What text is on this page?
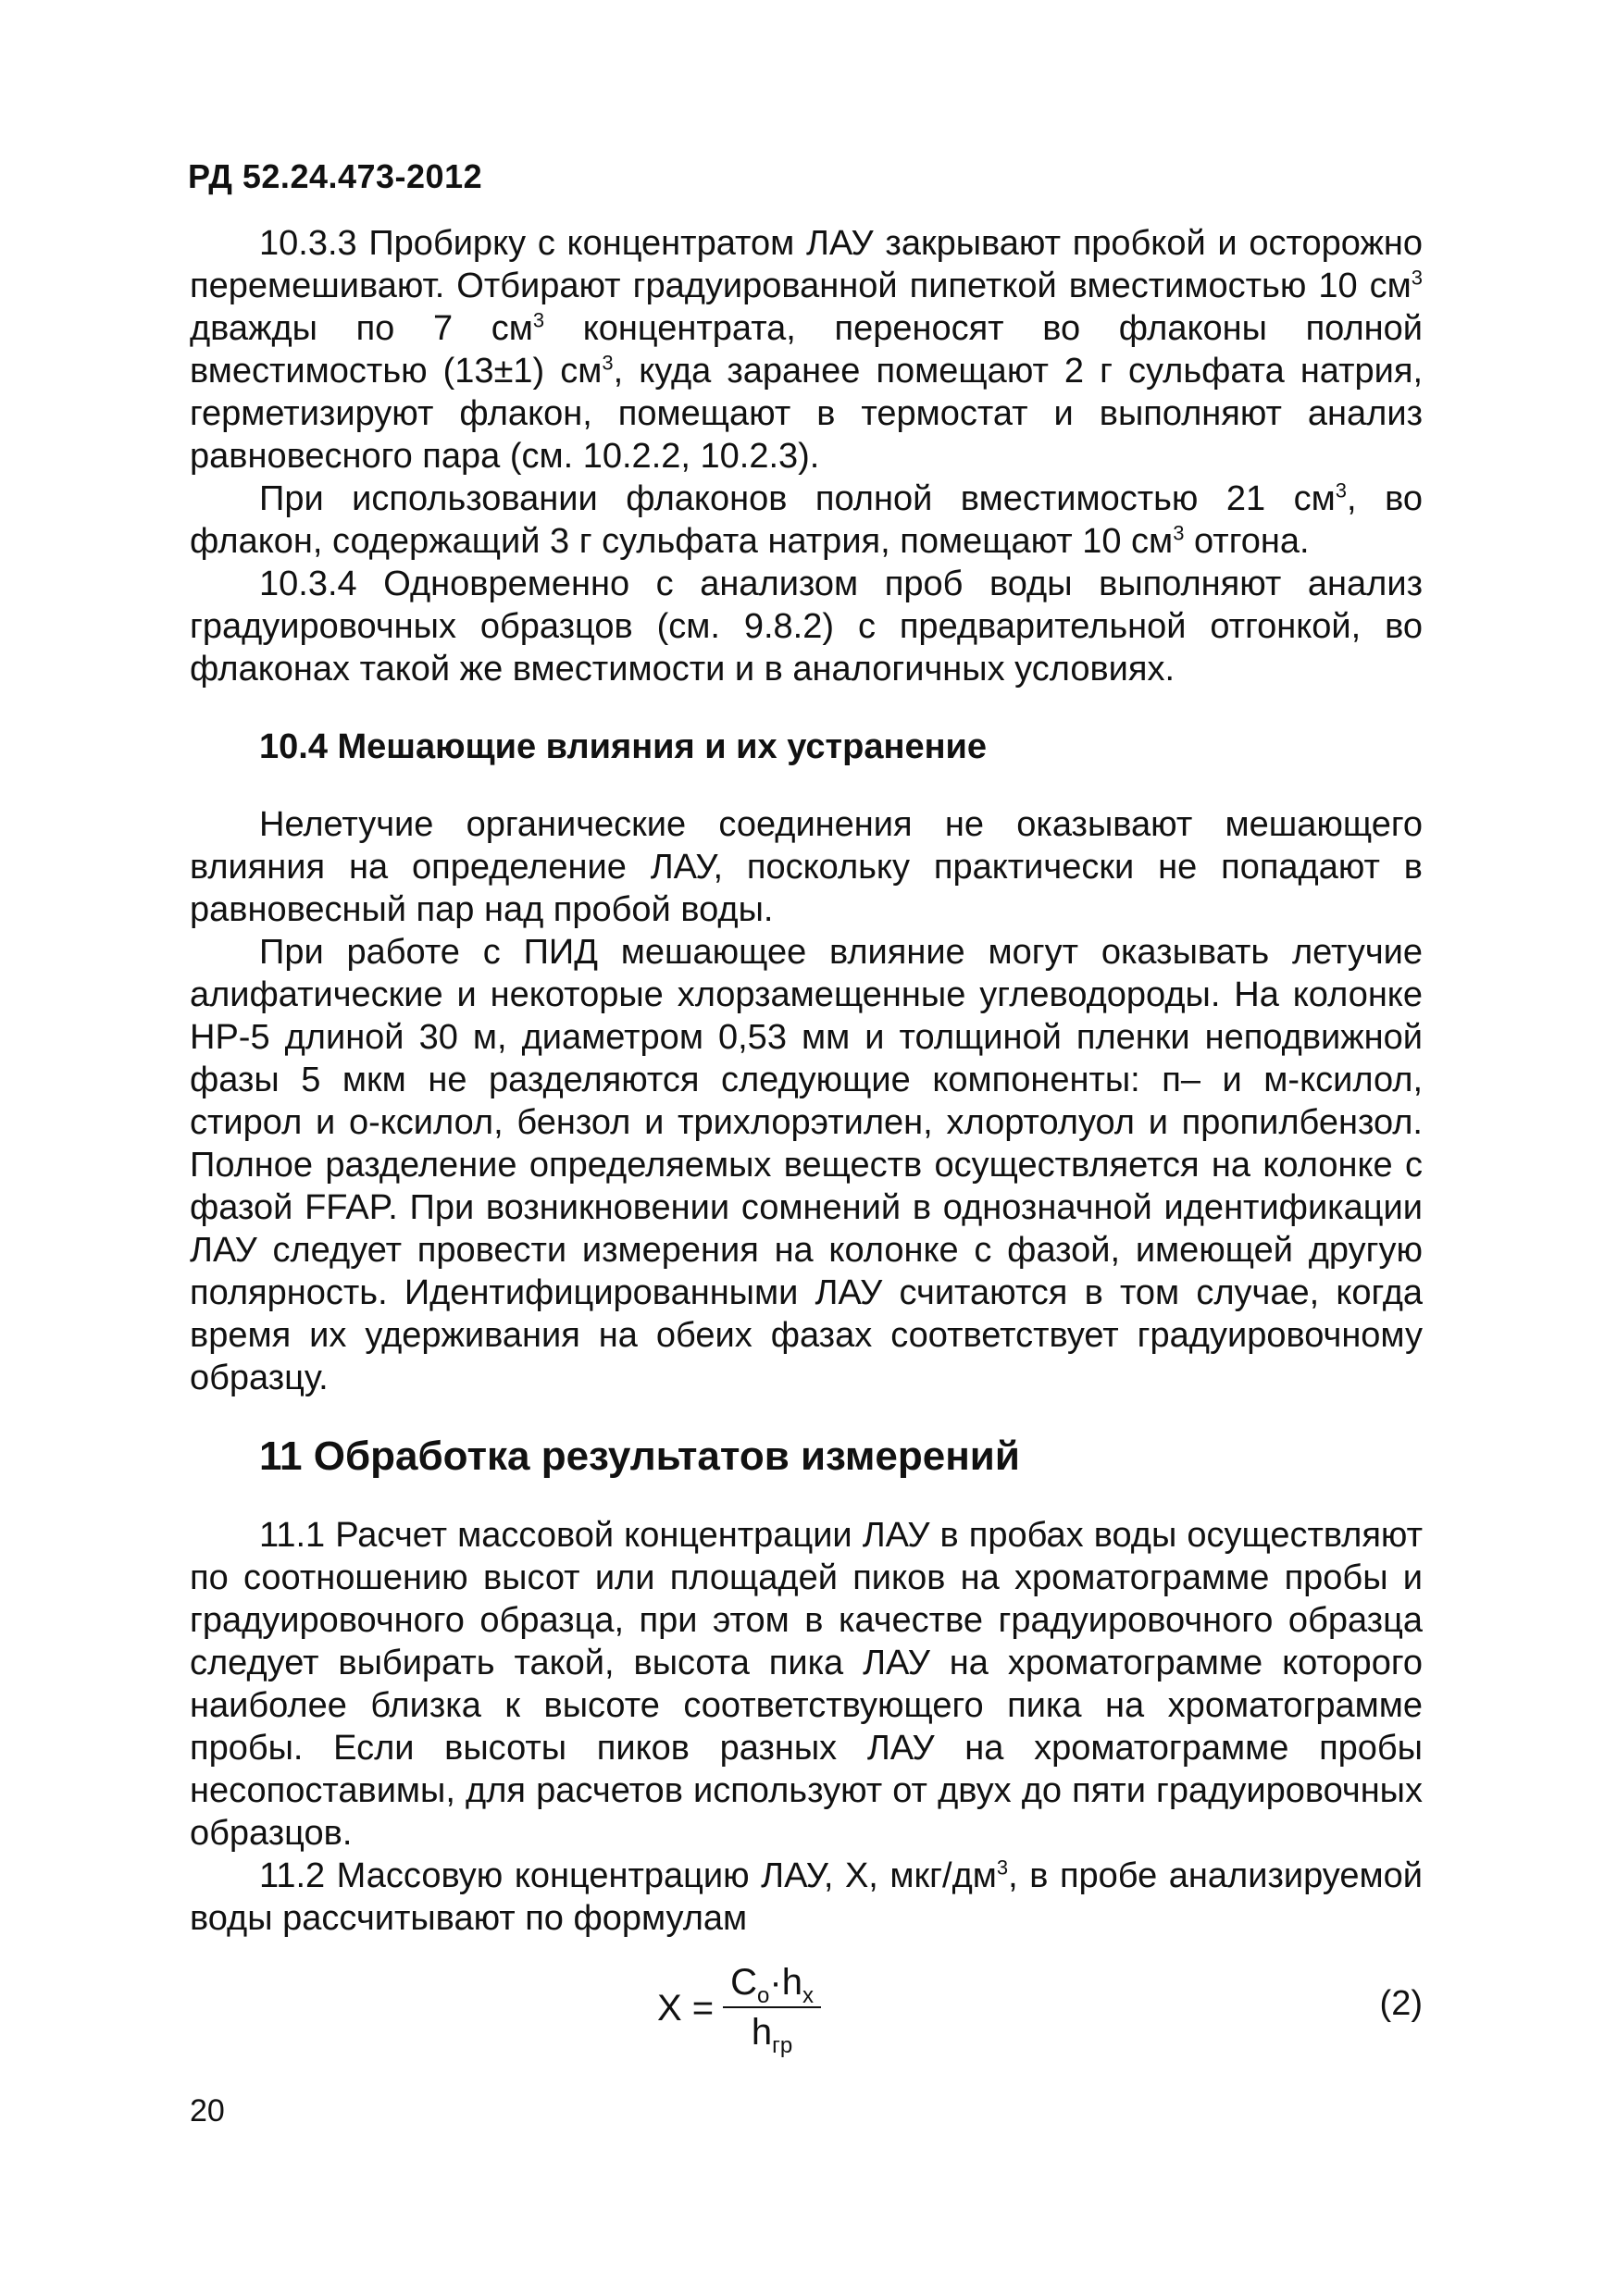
РД 52.24.473-2012

10.3.3 Пробирку с концентратом ЛАУ закрывают пробкой и осторожно перемешивают. Отбирают градуированной пипеткой вместимостью 10 $см^3$ дважды по 7 $см^3$ концентрата, переносят во флаконы полной вместимостью (13±1) $см^3$, куда заранее помещают 2 г сульфата натрия, герметизируют флакон, помещают в термостат и выполняют анализ равновесного пара (см. 10.2.2, 10.2.3).

При использовании флаконов полной вместимостью 21 $см^3$, во флакон, содержащий 3 г сульфата натрия, помещают 10 $см^3$ отгона.

10.3.4 Одновременно с анализом проб воды выполняют анализ градуировочных образцов (см. 9.8.2) с предварительной отгонкой, во флаконах такой же вместимости и в аналогичных условиях.

10.4 Мешающие влияния и их устранение

Нелетучие органические соединения не оказывают мешающего влияния на определение ЛАУ, поскольку практически не попадают в равновесный пар над пробой воды.

При работе с ПИД мешающее влияние могут оказывать летучие алифатические и некоторые хлорзамещенные углеводороды. На колонке HP-5 длиной 30 м, диаметром 0,53 мм и толщиной пленки неподвижной фазы 5 мкм не разделяются следующие компоненты: п– и м-ксилол, стирол и о-ксилол, бензол и трихлорэтилен, хлортолуол и пропилбензол. Полное разделение определяемых веществ осуществляется на колонке с фазой FFAP. При возникновении сомнений в однозначной идентификации ЛАУ следует провести измерения на колонке с фазой, имеющей другую полярность. Идентифицированными ЛАУ считаются в том случае, когда время их удерживания на обеих фазах соответствует градуировочному образцу.

11 Обработка результатов измерений

11.1 Расчет массовой концентрации ЛАУ в пробах воды осуществляют по соотношению высот или площадей пиков на хроматограмме пробы и градуировочного образца, при этом в качестве градуировочного образца следует выбирать такой, высота пика ЛАУ на хроматограмме которого наиболее близка к высоте соответствующего пика на хроматограмме пробы. Если высоты пиков разных ЛАУ на хроматограмме пробы несопоставимы, для расчетов используют от двух до пяти градуировочных образцов.

11.2 Массовую концентрацию ЛАУ, X, мкг/$дм^3$, в пробе анализируемой воды рассчитывают по формулам

$X = \frac{C_o\cdot h_x}{h_{гр}}$	(2)
20
